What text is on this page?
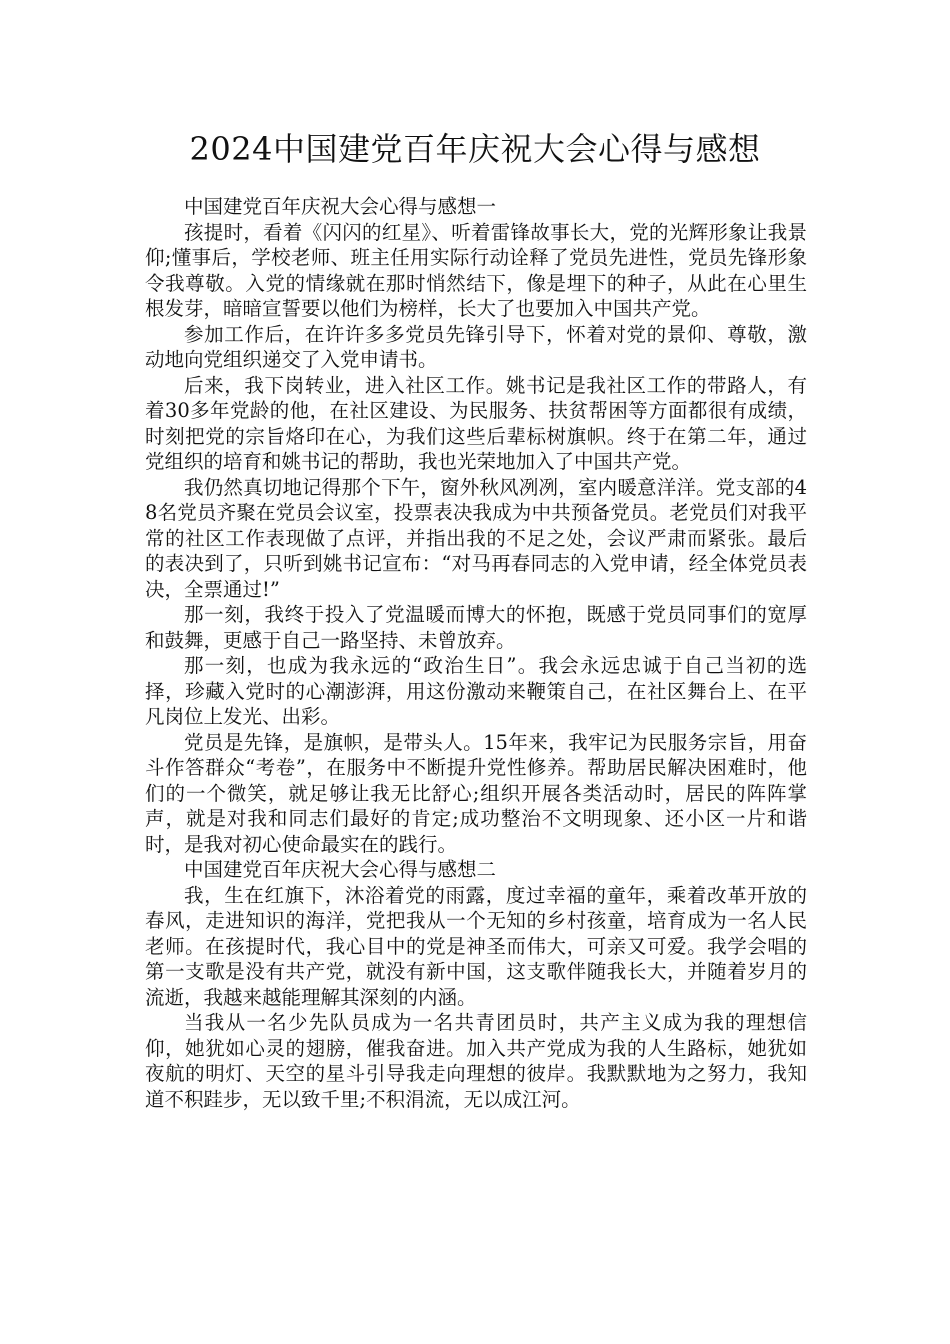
2024中国建党百年庆祝大会心得与感想

中国建党百年庆祝大会心得与感想一

孩提时，看着《闪闪的红星》、听着雷锋故事长大，党的光辉形象让我景仰;懂事后，学校老师、班主任用实际行动诠释了党员先进性，党员先锋形象令我尊敬。入党的情缘就在那时悄然结下，像是埋下的种子，从此在心里生根发芽，暗暗宣誓要以他们为榜样，长大了也要加入中国共产党。

参加工作后，在许许多多党员先锋引导下，怀着对党的景仰、尊敬，激动地向党组织递交了入党申请书。

后来，我下岗转业，进入社区工作。姚书记是我社区工作的带路人，有着30多年党龄的他，在社区建设、为民服务、扶贫帮困等方面都很有成绩，时刻把党的宗旨烙印在心，为我们这些后辈标树旗帜。终于在第二年，通过党组织的培育和姚书记的帮助，我也光荣地加入了中国共产党。

我仍然真切地记得那个下午，窗外秋风冽冽，室内暖意洋洋。党支部的48名党员齐聚在党员会议室，投票表决我成为中共预备党员。老党员们对我平常的社区工作表现做了点评，并指出我的不足之处，会议严肃而紧张。最后的表决到了，只听到姚书记宣布：“对马再春同志的入党申请，经全体党员表决，全票通过!”

那一刻，我终于投入了党温暖而博大的怀抱，既感于党员同事们的宽厚和鼓舞，更感于自己一路坚持、未曾放弃。

那一刻，也成为我永远的“政治生日”。我会永远忠诚于自己当初的选择，珍藏入党时的心潮澎湃，用这份激动来鞭策自己，在社区舞台上、在平凡岗位上发光、出彩。

党员是先锋，是旗帜，是带头人。15年来，我牢记为民服务宗旨，用奋斗作答群众“考卷”，在服务中不断提升党性修养。帮助居民解决困难时，他们的一个微笑，就足够让我无比舒心;组织开展各类活动时，居民的阵阵掌声，就是对我和同志们最好的肯定;成功整治不文明现象、还小区一片和谐时，是我对初心使命最实在的践行。

中国建党百年庆祝大会心得与感想二

我，生在红旗下，沐浴着党的雨露，度过幸福的童年，乘着改革开放的春风，走进知识的海洋，党把我从一个无知的乡村孩童，培育成为一名人民老师。在孩提时代，我心目中的党是神圣而伟大，可亲又可爱。我学会唱的第一支歌是没有共产党，就没有新中国，这支歌伴随我长大，并随着岁月的流逝，我越来越能理解其深刻的内涵。

当我从一名少先队员成为一名共青团员时，共产主义成为我的理想信仰，她犹如心灵的翅膀，催我奋进。加入共产党成为我的人生路标，她犹如夜航的明灯、天空的星斗引导我走向理想的彼岸。我默默地为之努力，我知道不积跬步，无以致千里;不积涓流，无以成江河。
